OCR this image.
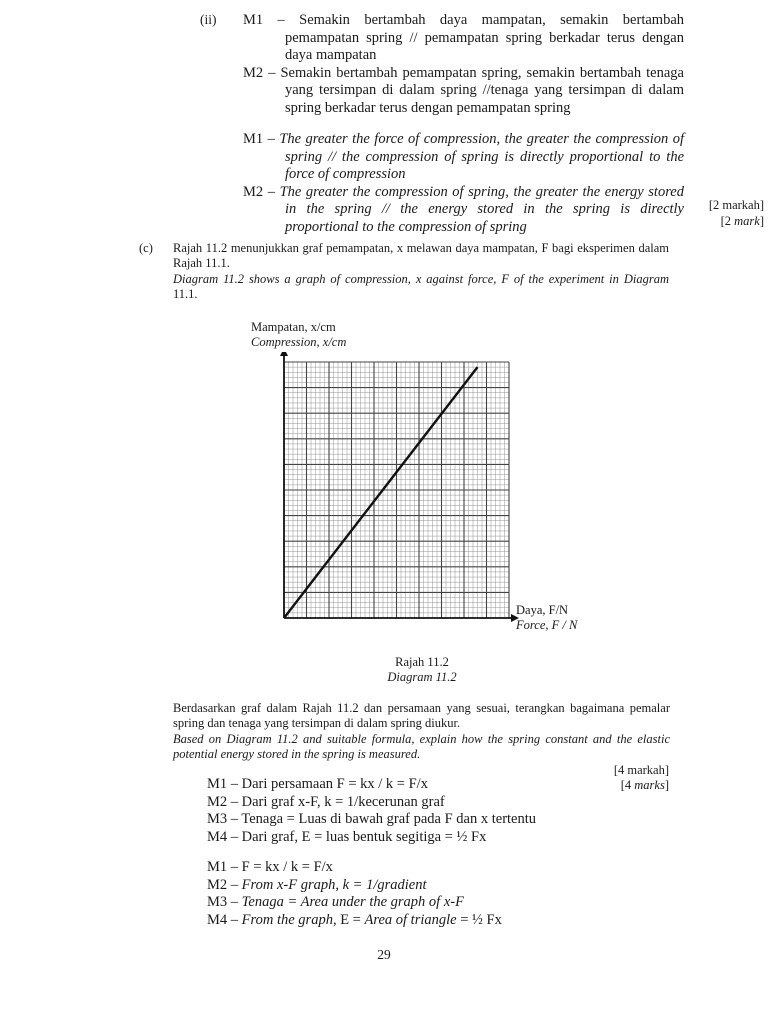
(ii) M1 – Semakin bertambah daya mampatan, semakin bertambah pemampatan spring // pemampatan spring berkadar terus dengan daya mampatan
M2 – Semakin bertambah pemampatan spring, semakin bertambah tenaga yang tersimpan di dalam spring //tenaga yang tersimpan di dalam spring berkadar terus dengan pemampatan spring
M1 – The greater the force of compression, the greater the compression of spring // the compression of spring is directly proportional to the force of compression
M2 – The greater the compression of spring, the greater the energy stored in the spring // the energy stored in the spring is directly proportional to the compression of spring
[2 markah]
[2 mark]
(c) Rajah 11.2 menunjukkan graf pemampatan, x melawan daya mampatan, F bagi eksperimen dalam Rajah 11.1.
Diagram 11.2 shows a graph of compression, x against force, F of the experiment in Diagram 11.1.
Mampatan, x/cm
Compression, x/cm
Daya, F/N
Force, F / N
Rajah 11.2
Diagram 11.2
Berdasarkan graf dalam Rajah 11.2 dan persamaan yang sesuai, terangkan bagaimana pemalar spring dan tenaga yang tersimpan di dalam spring diukur.
Based on Diagram 11.2 and suitable formula, explain how the spring constant and the elastic potential energy stored in the spring is measured.
[4 markah]
[4 marks]
M1 – Dari persamaan F = kx / k = F/x
M2 – Dari graf x-F, k = 1/kecerunan graf
M3 – Tenaga = Luas di bawah graf pada F dan x tertentu
M4 – Dari graf, E = luas bentuk segitiga = ½ Fx
M1 – F = kx / k = F/x
M2 – From x-F graph, k = 1/gradient
M3 – Tenaga = Area under the graph of x-F
M4 – From the graph, E = Area of triangle = ½ Fx
29
